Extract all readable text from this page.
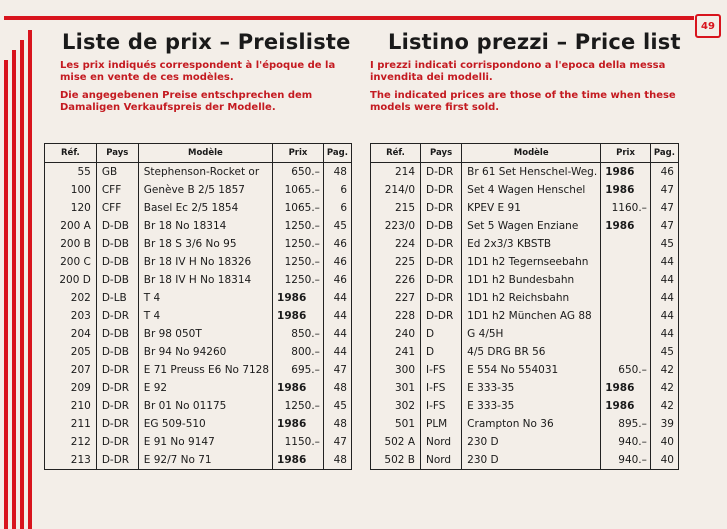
49
Liste de prix – Preisliste

Les prix indiqués correspondent à l'époque de la mise en vente de ces modèles.

Die angegebenen Preise entschprechen dem Damaligen Verkaufspreis der Modelle.

Listino prezzi – Price list

I prezzi indicati corrispondono a l'epoca della messa invendita dei modelli.

The indicated prices are those of the time when these models were first sold.

Réf.	Pays	Modèle	Prix	Pag.
55	GB	Stephenson-Rocket or	650.–	48
100	CFF	Genève B 2/5 1857	1065.–	6
120	CFF	Basel Ec 2/5 1854	1065.–	6
200 A	D-DB	Br 18 No 18314	1250.–	45
200 B	D-DB	Br 18 S 3/6 No 95	1250.–	46
200 C	D-DB	Br 18 IV H No 18326	1250.–	46
200 D	D-DB	Br 18 IV H No 18314	1250.–	46
202	D-LB	T 4	1986	44
203	D-DR	T 4	1986	44
204	D-DB	Br 98 050T	850.–	44
205	D-DB	Br 94 No 94260	800.–	44
207	D-DR	E 71 Preuss E6 No 7128	695.–	47
209	D-DR	E 92	1986	48
210	D-DR	Br 01 No 01175	1250.–	45
211	D-DR	EG 509-510	1986	48
212	D-DR	E 91 No 9147	1150.–	47
213	D-DR	E 92/7 No 71	1986	48
Réf.	Pays	Modèle	Prix	Pag.
214	D-DR	Br 61 Set Henschel-Weg.	1986	46
214/0	D-DR	Set 4 Wagen Henschel	1986	47
215	D-DR	KPEV E 91	1160.–	47
223/0	D-DB	Set 5 Wagen Enziane	1986	47
224	D-DR	Ed 2x3/3 KBSTB		45
225	D-DR	1D1 h2 Tegernseebahn		44
226	D-DR	1D1 h2 Bundesbahn		44
227	D-DR	1D1 h2 Reichsbahn		44
228	D-DR	1D1 h2 München AG 88		44
240	D	G 4/5H		44
241	D	4/5 DRG BR 56		45
300	I-FS	E 554 No 554031	650.–	42
301	I-FS	E 333-35	1986	42
302	I-FS	E 333-35	1986	42
501	PLM	Crampton No 36	895.–	39
502 A	Nord	230 D	940.–	40
502 B	Nord	230 D	940.–	40
